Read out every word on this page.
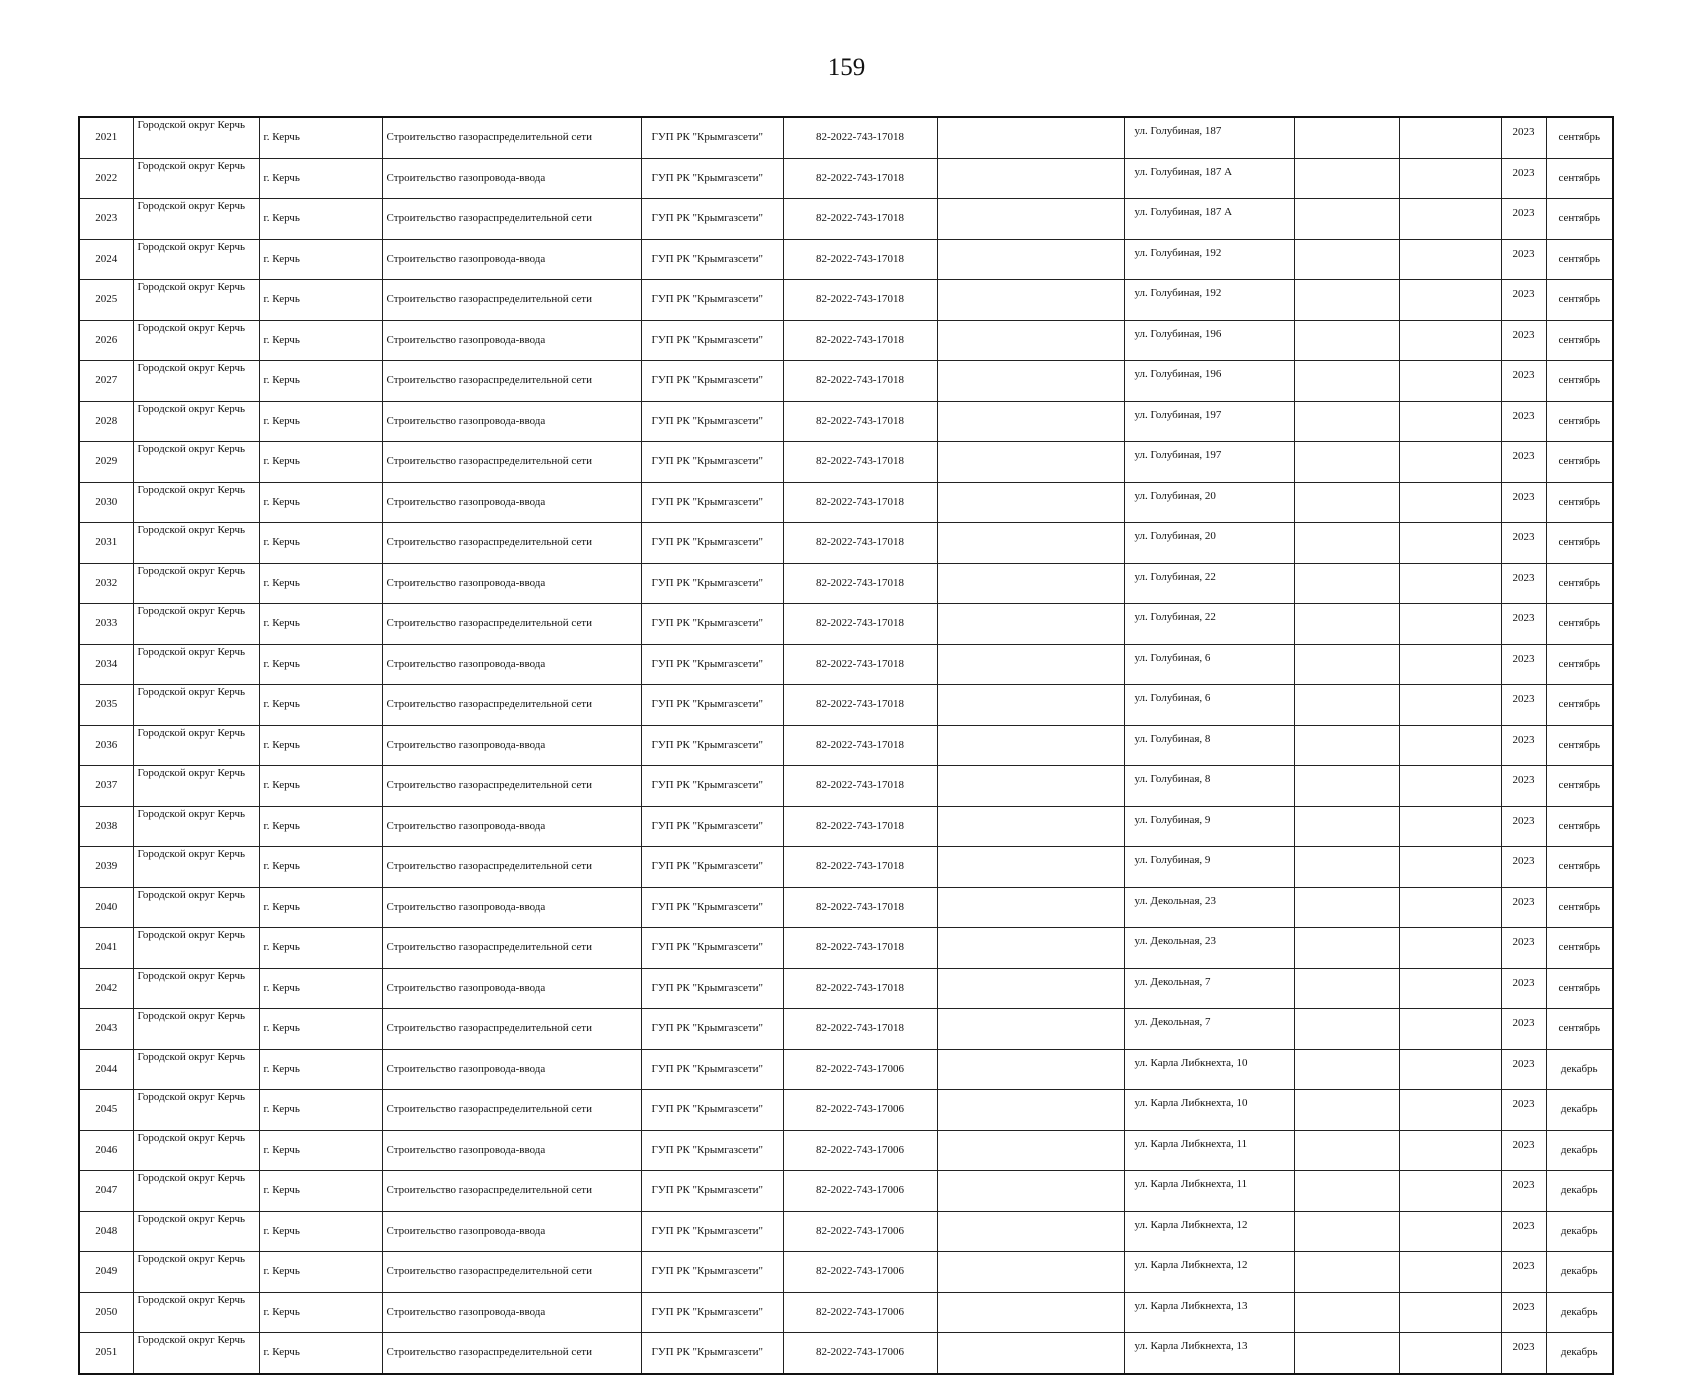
159
2021	Городской округ Керчь	г. Керчь	Строительство газораспределительной сети	ГУП РК "Крымгазсети"	82-2022-743-17018		ул. Голубиная, 187			2023	сентябрь
2022	Городской округ Керчь	г. Керчь	Строительство газопровода-ввода	ГУП РК "Крымгазсети"	82-2022-743-17018		ул. Голубиная, 187 А			2023	сентябрь
2023	Городской округ Керчь	г. Керчь	Строительство газораспределительной сети	ГУП РК "Крымгазсети"	82-2022-743-17018		ул. Голубиная, 187 А			2023	сентябрь
2024	Городской округ Керчь	г. Керчь	Строительство газопровода-ввода	ГУП РК "Крымгазсети"	82-2022-743-17018		ул. Голубиная, 192			2023	сентябрь
2025	Городской округ Керчь	г. Керчь	Строительство газораспределительной сети	ГУП РК "Крымгазсети"	82-2022-743-17018		ул. Голубиная, 192			2023	сентябрь
2026	Городской округ Керчь	г. Керчь	Строительство газопровода-ввода	ГУП РК "Крымгазсети"	82-2022-743-17018		ул. Голубиная, 196			2023	сентябрь
2027	Городской округ Керчь	г. Керчь	Строительство газораспределительной сети	ГУП РК "Крымгазсети"	82-2022-743-17018		ул. Голубиная, 196			2023	сентябрь
2028	Городской округ Керчь	г. Керчь	Строительство газопровода-ввода	ГУП РК "Крымгазсети"	82-2022-743-17018		ул. Голубиная, 197			2023	сентябрь
2029	Городской округ Керчь	г. Керчь	Строительство газораспределительной сети	ГУП РК "Крымгазсети"	82-2022-743-17018		ул. Голубиная, 197			2023	сентябрь
2030	Городской округ Керчь	г. Керчь	Строительство газопровода-ввода	ГУП РК "Крымгазсети"	82-2022-743-17018		ул. Голубиная, 20			2023	сентябрь
2031	Городской округ Керчь	г. Керчь	Строительство газораспределительной сети	ГУП РК "Крымгазсети"	82-2022-743-17018		ул. Голубиная, 20			2023	сентябрь
2032	Городской округ Керчь	г. Керчь	Строительство газопровода-ввода	ГУП РК "Крымгазсети"	82-2022-743-17018		ул. Голубиная, 22			2023	сентябрь
2033	Городской округ Керчь	г. Керчь	Строительство газораспределительной сети	ГУП РК "Крымгазсети"	82-2022-743-17018		ул. Голубиная, 22			2023	сентябрь
2034	Городской округ Керчь	г. Керчь	Строительство газопровода-ввода	ГУП РК "Крымгазсети"	82-2022-743-17018		ул. Голубиная, 6			2023	сентябрь
2035	Городской округ Керчь	г. Керчь	Строительство газораспределительной сети	ГУП РК "Крымгазсети"	82-2022-743-17018		ул. Голубиная, 6			2023	сентябрь
2036	Городской округ Керчь	г. Керчь	Строительство газопровода-ввода	ГУП РК "Крымгазсети"	82-2022-743-17018		ул. Голубиная, 8			2023	сентябрь
2037	Городской округ Керчь	г. Керчь	Строительство газораспределительной сети	ГУП РК "Крымгазсети"	82-2022-743-17018		ул. Голубиная, 8			2023	сентябрь
2038	Городской округ Керчь	г. Керчь	Строительство газопровода-ввода	ГУП РК "Крымгазсети"	82-2022-743-17018		ул. Голубиная, 9			2023	сентябрь
2039	Городской округ Керчь	г. Керчь	Строительство газораспределительной сети	ГУП РК "Крымгазсети"	82-2022-743-17018		ул. Голубиная, 9			2023	сентябрь
2040	Городской округ Керчь	г. Керчь	Строительство газопровода-ввода	ГУП РК "Крымгазсети"	82-2022-743-17018		ул. Декольная, 23			2023	сентябрь
2041	Городской округ Керчь	г. Керчь	Строительство газораспределительной сети	ГУП РК "Крымгазсети"	82-2022-743-17018		ул. Декольная, 23			2023	сентябрь
2042	Городской округ Керчь	г. Керчь	Строительство газопровода-ввода	ГУП РК "Крымгазсети"	82-2022-743-17018		ул. Декольная, 7			2023	сентябрь
2043	Городской округ Керчь	г. Керчь	Строительство газораспределительной сети	ГУП РК "Крымгазсети"	82-2022-743-17018		ул. Декольная, 7			2023	сентябрь
2044	Городской округ Керчь	г. Керчь	Строительство газопровода-ввода	ГУП РК "Крымгазсети"	82-2022-743-17006		ул. Карла Либкнехта, 10			2023	декабрь
2045	Городской округ Керчь	г. Керчь	Строительство газораспределительной сети	ГУП РК "Крымгазсети"	82-2022-743-17006		ул. Карла Либкнехта, 10			2023	декабрь
2046	Городской округ Керчь	г. Керчь	Строительство газопровода-ввода	ГУП РК "Крымгазсети"	82-2022-743-17006		ул. Карла Либкнехта, 11			2023	декабрь
2047	Городской округ Керчь	г. Керчь	Строительство газораспределительной сети	ГУП РК "Крымгазсети"	82-2022-743-17006		ул. Карла Либкнехта, 11			2023	декабрь
2048	Городской округ Керчь	г. Керчь	Строительство газопровода-ввода	ГУП РК "Крымгазсети"	82-2022-743-17006		ул. Карла Либкнехта, 12			2023	декабрь
2049	Городской округ Керчь	г. Керчь	Строительство газораспределительной сети	ГУП РК "Крымгазсети"	82-2022-743-17006		ул. Карла Либкнехта, 12			2023	декабрь
2050	Городской округ Керчь	г. Керчь	Строительство газопровода-ввода	ГУП РК "Крымгазсети"	82-2022-743-17006		ул. Карла Либкнехта, 13			2023	декабрь
2051	Городской округ Керчь	г. Керчь	Строительство газораспределительной сети	ГУП РК "Крымгазсети"	82-2022-743-17006		ул. Карла Либкнехта, 13			2023	декабрь
